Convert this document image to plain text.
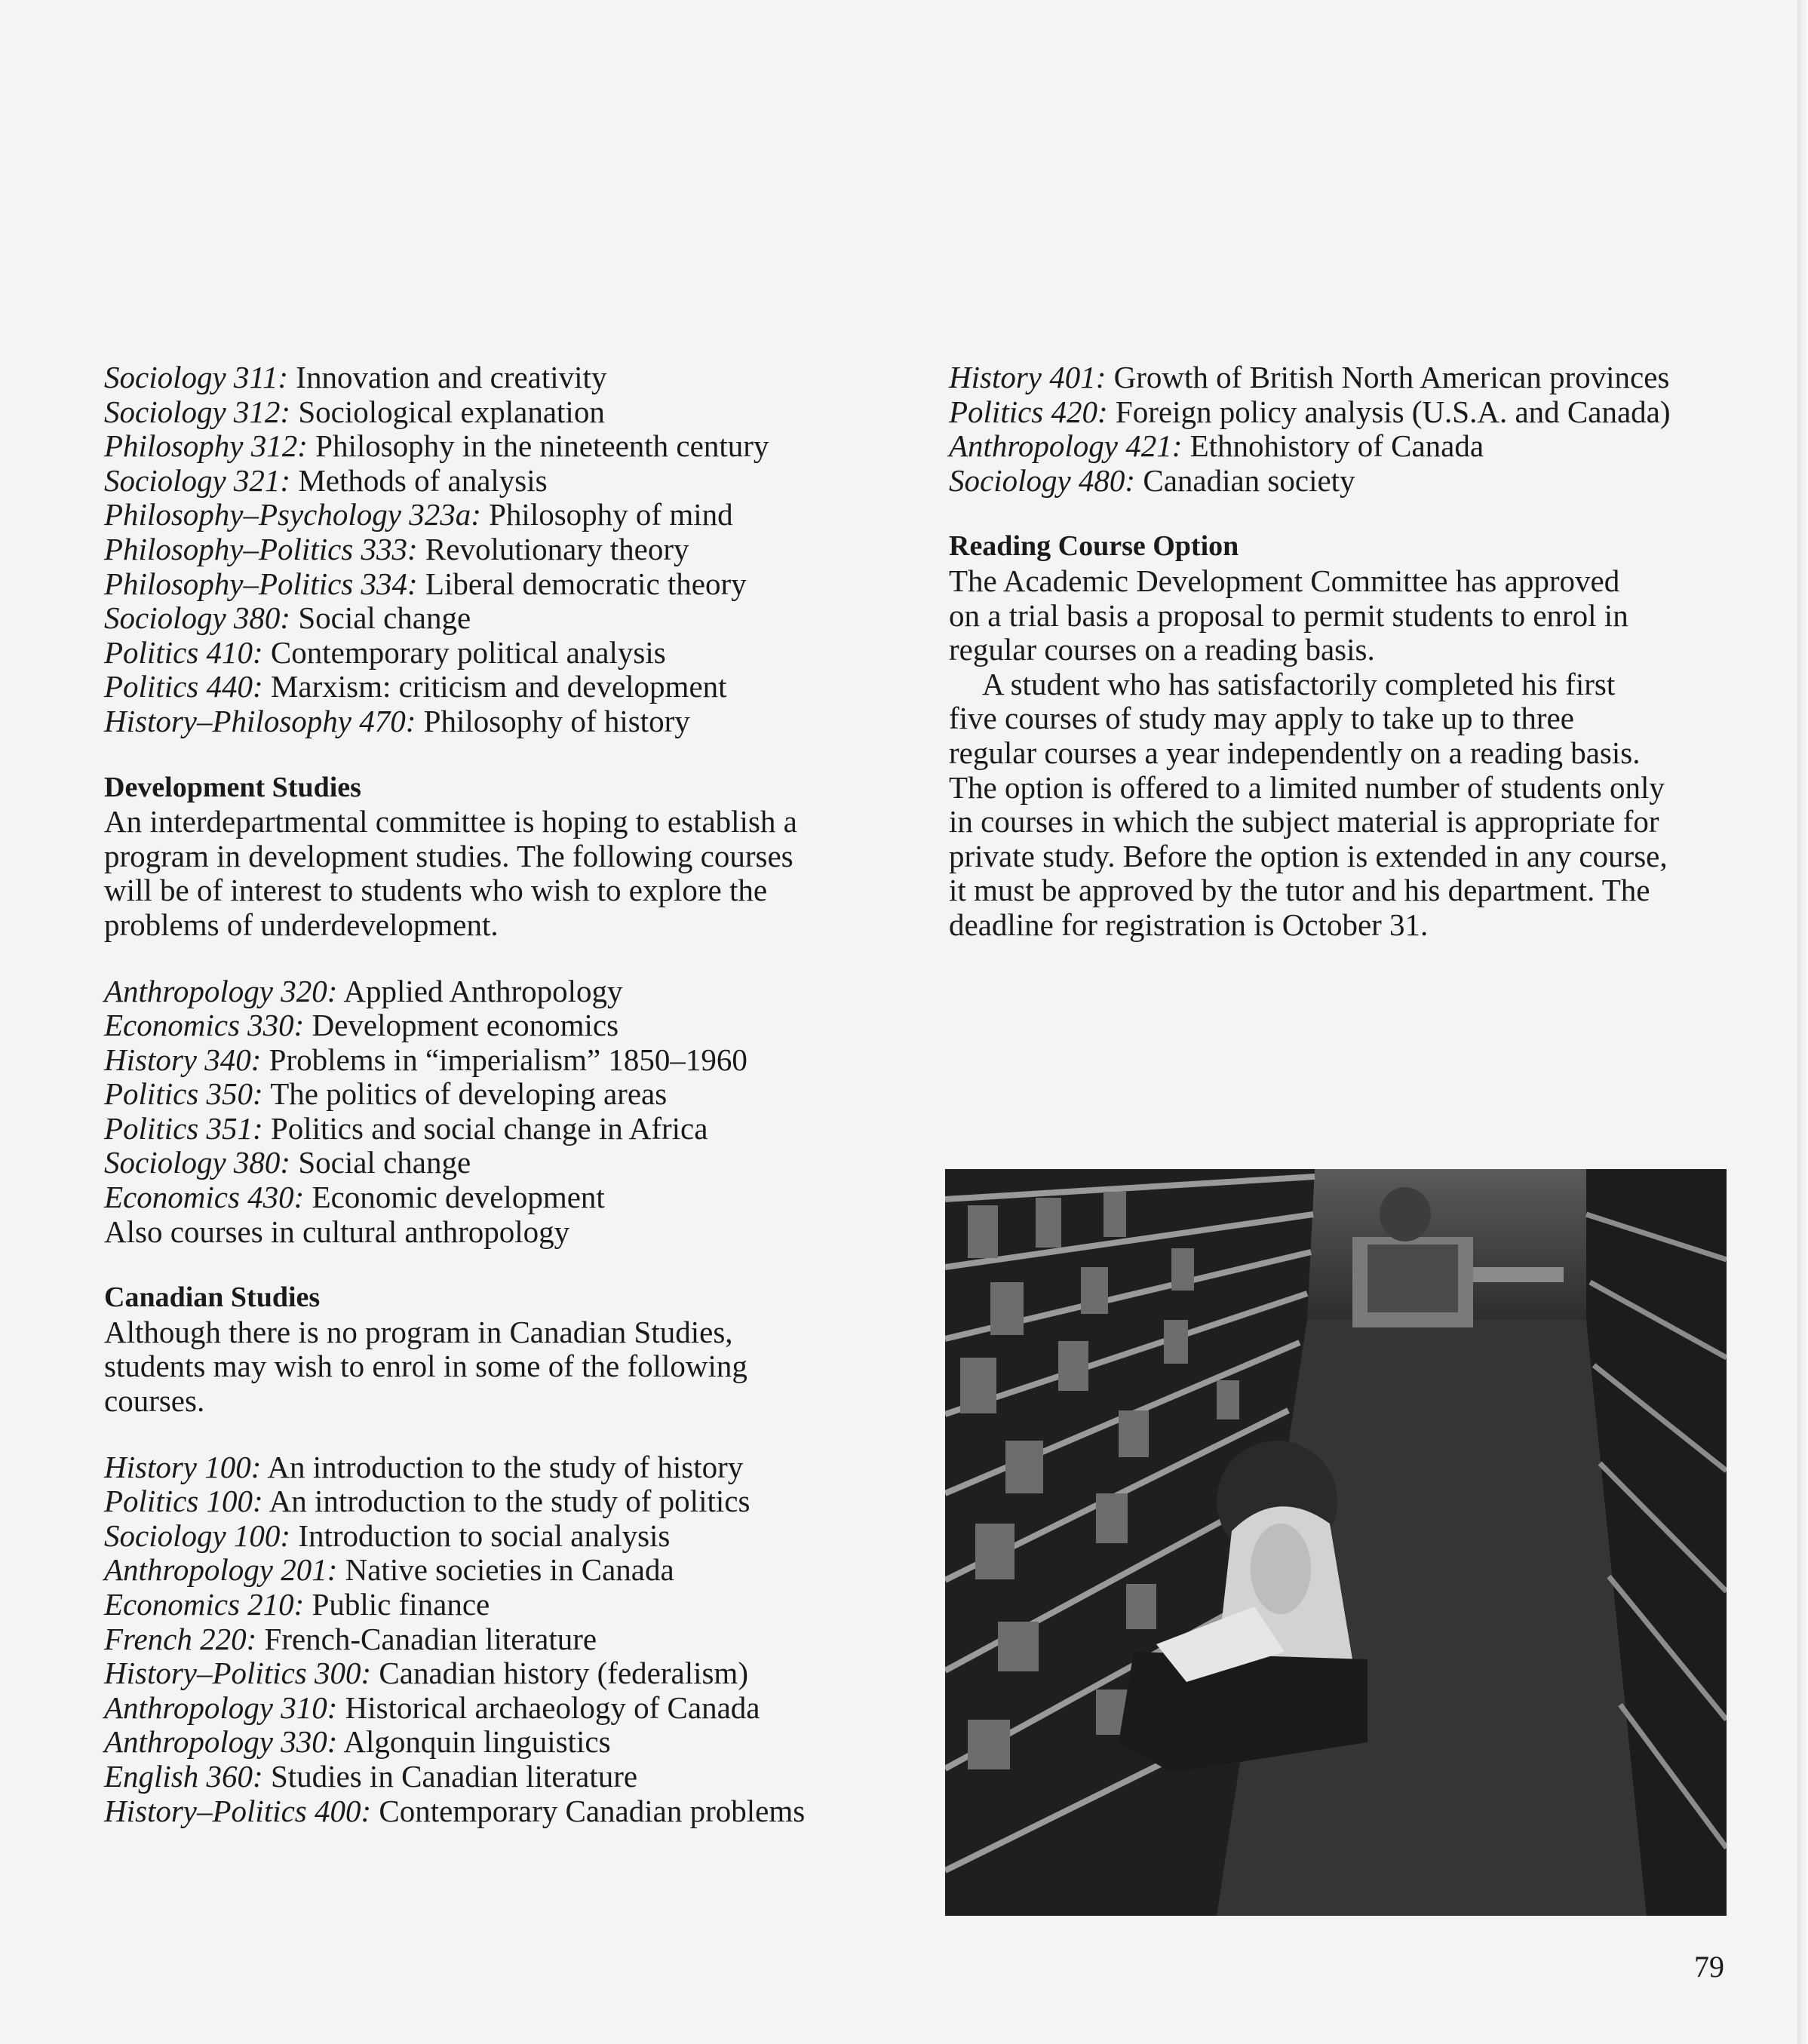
Sociology 311: Innovation and creativity
Sociology 312: Sociological explanation
Philosophy 312: Philosophy in the nineteenth century
Sociology 321: Methods of analysis
Philosophy–Psychology 323a: Philosophy of mind
Philosophy–Politics 333: Revolutionary theory
Philosophy–Politics 334: Liberal democratic theory
Sociology 380: Social change
Politics 410: Contemporary political analysis
Politics 440: Marxism: criticism and development
History–Philosophy 470: Philosophy of history
Development Studies
An interdepartmental committee is hoping to establish a
program in development studies. The following courses
will be of interest to students who wish to explore the
problems of underdevelopment.
Anthropology 320: Applied Anthropology
Economics 330: Development economics
History 340: Problems in “imperialism” 1850–1960
Politics 350: The politics of developing areas
Politics 351: Politics and social change in Africa
Sociology 380: Social change
Economics 430: Economic development
Also courses in cultural anthropology
Canadian Studies
Although there is no program in Canadian Studies,
students may wish to enrol in some of the following
courses.
History 100: An introduction to the study of history
Politics 100: An introduction to the study of politics
Sociology 100: Introduction to social analysis
Anthropology 201: Native societies in Canada
Economics 210: Public finance
French 220: French-Canadian literature
History–Politics 300: Canadian history (federalism)
Anthropology 310: Historical archaeology of Canada
Anthropology 330: Algonquin linguistics
English 360: Studies in Canadian literature
History–Politics 400: Contemporary Canadian problems
History 401: Growth of British North American provinces
Politics 420: Foreign policy analysis (U.S.A. and Canada)
Anthropology 421: Ethnohistory of Canada
Sociology 480: Canadian society
Reading Course Option
The Academic Development Committee has approved
on a trial basis a proposal to permit students to enrol in
regular courses on a reading basis.
A student who has satisfactorily completed his first
five courses of study may apply to take up to three
regular courses a year independently on a reading basis.
The option is offered to a limited number of students only
in courses in which the subject material is appropriate for
private study. Before the option is extended in any course,
it must be approved by the tutor and his department. The
deadline for registration is October 31.
79
